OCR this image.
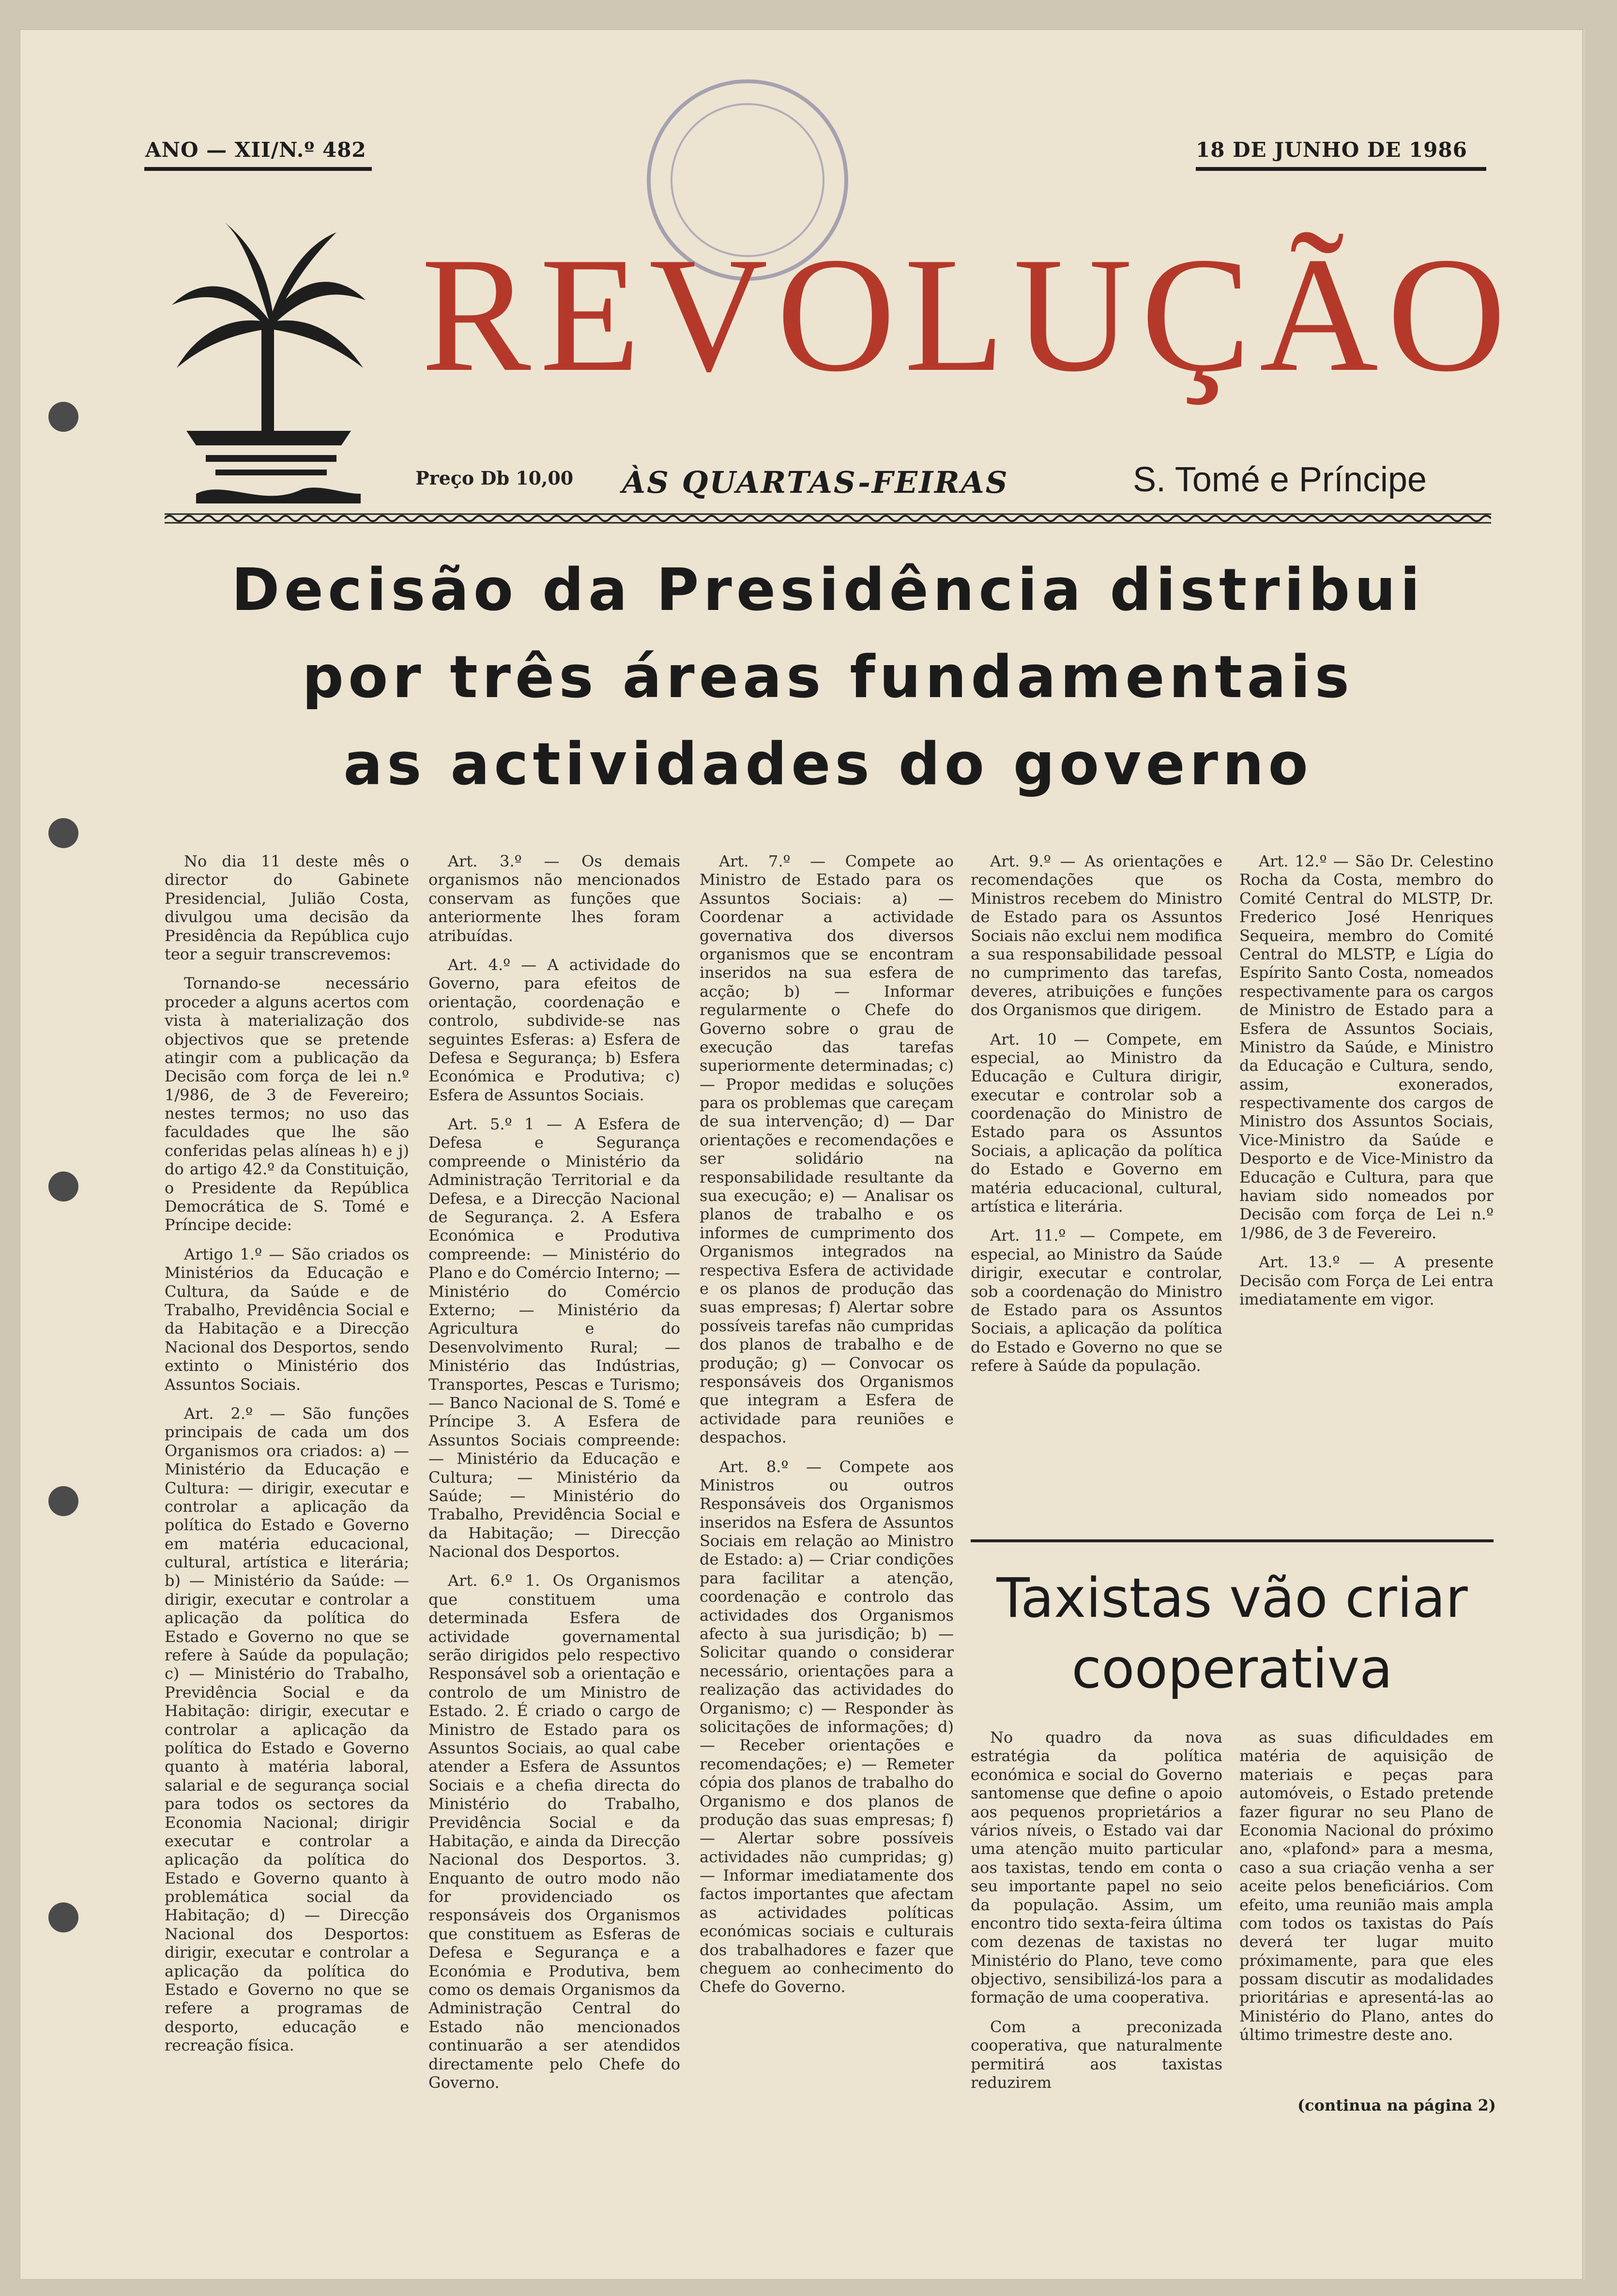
ANO — XII/N.º 482	18 DE JUNHO DE 1986
REVOLUÇÃO
Preço Db 10,00 ÀS QUARTAS-FEIRAS	S. Tomé e Príncipe
Decisão da Presidência distribui
por três áreas fundamentais
as actividades do governo

No dia 11 deste mês o director do Gabinete Presidencial, Julião Costa, divulgou uma decisão da Presidência da República cujo teor a seguir transcrevemos:

Tornando-se necessário proceder a alguns acertos com vista à materialização dos objectivos que se pretende atingir com a publicação da Decisão com força de lei n.º 1/986, de 3 de Fevereiro; nestes termos; no uso das faculdades que lhe são conferidas pelas alíneas h) e j) do artigo 42.º da Constituição, o Presidente da República Democrática de S. Tomé e Príncipe decide:

Artigo 1.º — São criados os Ministérios da Educação e Cultura, da Saúde e de Trabalho, Previdência Social e da Habitação e a Direcção Nacional dos Desportos, sendo extinto o Ministério dos Assuntos Sociais.

Art. 2.º — São funções principais de cada um dos Organismos ora criados: a) — Ministério da Educação e Cultura: — dirigir, executar e controlar a aplicação da política do Estado e Governo em matéria educacional, cultural, artística e literária; b) — Ministério da Saúde: — dirigir, executar e controlar a aplicação da política do Estado e Governo no que se refere à Saúde da população; c) — Ministério do Trabalho, Previdência Social e da Habitação: dirigir, executar e controlar a aplicação da política do Estado e Governo quanto à matéria laboral, salarial e de segurança social para todos os sectores da Economia Nacional; dirigir executar e controlar a aplicação da política do Estado e Governo quanto à problemática social da Habitação; d) — Direcção Nacional dos Desportos: dirigir, executar e controlar a aplicação da política do Estado e Governo no que se refere a programas de desporto, educação e recreação física.

Art. 3.º — Os demais organismos não mencionados conservam as funções que anteriormente lhes foram atribuídas.

Art. 4.º — A actividade do Governo, para efeitos de orientação, coordenação e controlo, subdivide-se nas seguintes Esferas: a) Esfera de Defesa e Segurança; b) Esfera Económica e Produtiva; c) Esfera de Assuntos Sociais.

Art. 5.º 1 — A Esfera de Defesa e Segurança compreende o Ministério da Administração Territorial e da Defesa, e a Direcção Nacional de Segurança. 2. A Esfera Económica e Produtiva compreende: — Ministério do Plano e do Comércio Interno; — Ministério do Comércio Externo; — Ministério da Agricultura e do Desenvolvimento Rural; — Ministério das Indústrias, Transportes, Pescas e Turismo; — Banco Nacional de S. Tomé e Príncipe 3. A Esfera de Assuntos Sociais compreende: — Ministério da Educação e Cultura; — Ministério da Saúde; — Ministério do Trabalho, Previdência Social e da Habitação; — Direcção Nacional dos Desportos.

Art. 6.º 1. Os Organismos que constituem uma determinada Esfera de actividade governamental serão dirigidos pelo respectivo Responsável sob a orientação e controlo de um Ministro de Estado. 2. É criado o cargo de Ministro de Estado para os Assuntos Sociais, ao qual cabe atender a Esfera de Assuntos Sociais e a chefia directa do Ministério do Trabalho, Previdência Social e da Habitação, e ainda da Direcção Nacional dos Desportos. 3. Enquanto de outro modo não for providenciado os responsáveis dos Organismos que constituem as Esferas de Defesa e Segurança e a Económia e Produtiva, bem como os demais Organismos da Administração Central do Estado não mencionados continuarão a ser atendidos directamente pelo Chefe do Governo.

Art. 7.º — Compete ao Ministro de Estado para os Assuntos Sociais: a) — Coordenar a actividade governativa dos diversos organismos que se encontram inseridos na sua esfera de acção; b) — Informar regularmente o Chefe do Governo sobre o grau de execução das tarefas superiormente determinadas; c) — Propor medidas e soluções para os problemas que careçam de sua intervenção; d) — Dar orientações e recomendações e ser solidário na responsabilidade resultante da sua execução; e) — Analisar os planos de trabalho e os informes de cumprimento dos Organismos integrados na respectiva Esfera de actividade e os planos de produção das suas empresas; f) Alertar sobre possíveis tarefas não cumpridas dos planos de trabalho e de produção; g) — Convocar os responsáveis dos Organismos que integram a Esfera de actividade para reuniões e despachos.

Art. 8.º — Compete aos Ministros ou outros Responsáveis dos Organismos inseridos na Esfera de Assuntos Sociais em relação ao Ministro de Estado: a) — Criar condições para facilitar a atenção, coordenação e controlo das actividades dos Organismos afecto à sua jurisdição; b) — Solicitar quando o considerar necessário, orientações para a realização das actividades do Organismo; c) — Responder às solicitações de informações; d) — Receber orientações e recomendações; e) — Remeter cópia dos planos de trabalho do Organismo e dos planos de produção das suas empresas; f) — Alertar sobre possíveis actividades não cumpridas; g) — Informar imediatamente dos factos importantes que afectam as actividades políticas económicas sociais e culturais dos trabalhadores e fazer que cheguem ao conhecimento do Chefe do Governo.

Art. 9.º — As orientações e recomendações que os Ministros recebem do Ministro de Estado para os Assuntos Sociais não exclui nem modifica a sua responsabilidade pessoal no cumprimento das tarefas, deveres, atribuições e funções dos Organismos que dirigem.

Art. 10 — Compete, em especial, ao Ministro da Educação e Cultura dirigir, executar e controlar sob a coordenação do Ministro de Estado para os Assuntos Sociais, a aplicação da política do Estado e Governo em matéria educacional, cultural, artística e literária.

Art. 11.º — Compete, em especial, ao Ministro da Saúde dirigir, executar e controlar, sob a coordenação do Ministro de Estado para os Assuntos Sociais, a aplicação da política do Estado e Governo no que se refere à Saúde da população.

Art. 12.º — São Dr. Celestino Rocha da Costa, membro do Comité Central do MLSTP, Dr. Frederico José Henriques Sequeira, membro do Comité Central do MLSTP, e Lígia do Espírito Santo Costa, nomeados respectivamente para os cargos de Ministro de Estado para a Esfera de Assuntos Sociais, Ministro da Saúde, e Ministro da Educação e Cultura, sendo, assim, exonerados, respectivamente dos cargos de Ministro dos Assuntos Sociais, Vice-Ministro da Saúde e Desporto e de Vice-Ministro da Educação e Cultura, para que haviam sido nomeados por Decisão com força de Lei n.º 1/986, de 3 de Fevereiro.

Art. 13.º — A presente Decisão com Força de Lei entra imediatamente em vigor.

Taxistas vão criar
cooperativa

No quadro da nova estratégia da política económica e social do Governo santomense que define o apoio aos pequenos proprietários a vários níveis, o Estado vai dar uma atenção muito particular aos taxistas, tendo em conta o seu importante papel no seio da população. Assim, um encontro tido sexta-feira última com dezenas de taxistas no Ministério do Plano, teve como objectivo, sensibilizá-los para a formação de uma cooperativa.

Com a preconizada cooperativa, que naturalmente permitirá aos taxistas reduzirem

as suas dificuldades em matéria de aquisição de materiais e peças para automóveis, o Estado pretende fazer figurar no seu Plano de Economia Nacional do próximo ano, «plafond» para a mesma, caso a sua criação venha a ser aceite pelos beneficiários. Com efeito, uma reunião mais ampla com todos os taxistas do País deverá ter lugar muito próximamente, para que eles possam discutir as modalidades prioritárias e apresentá-las ao Ministério do Plano, antes do último trimestre deste ano.

(continua na página 2)
